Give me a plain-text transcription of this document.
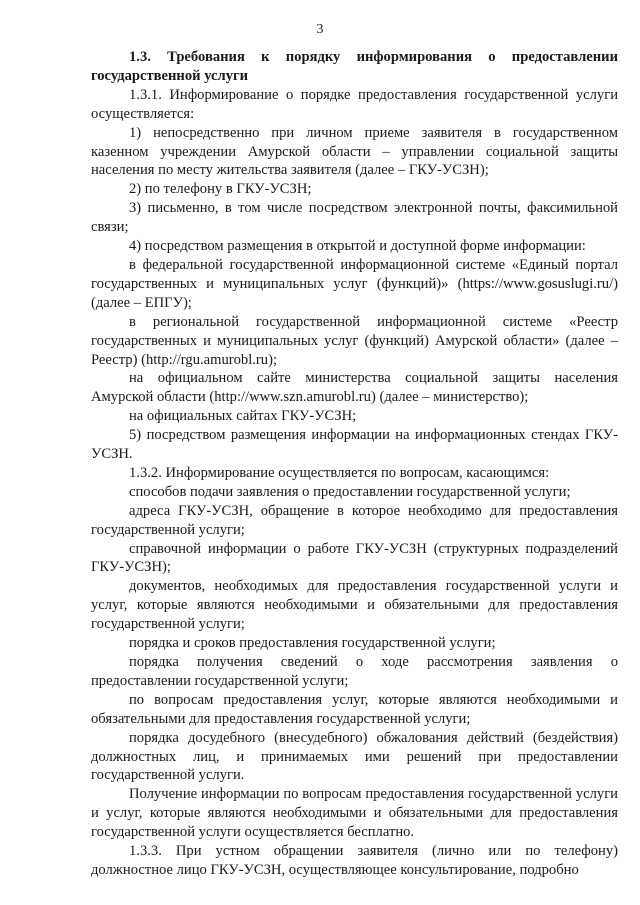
3

1.3. Требования к порядку информирования о предоставлении государственной услуги

1.3.1. Информирование о порядке предоставления государственной услуги осуществляется:

1) непосредственно при личном приеме заявителя в государственном казенном учреждении Амурской области – управлении социальной защиты населения по месту жительства заявителя (далее – ГКУ-УСЗН);

2) по телефону в ГКУ-УСЗН;

3) письменно, в том числе посредством электронной почты, факсимильной связи;

4) посредством размещения в открытой и доступной форме информации:

в федеральной государственной информационной системе «Единый портал государственных и муниципальных услуг (функций)» (https://www.gosuslugi.ru/) (далее – ЕПГУ);

в региональной государственной информационной системе «Реестр государственных и муниципальных услуг (функций) Амурской области» (далее – Реестр) (http://rgu.amurobl.ru);

на официальном сайте министерства социальной защиты населения Амурской области (http://www.szn.amurobl.ru) (далее – министерство);

на официальных сайтах ГКУ-УСЗН;

5) посредством размещения информации на информационных стендах ГКУ-УСЗН.

1.3.2. Информирование осуществляется по вопросам, касающимся:

способов подачи заявления о предоставлении государственной услуги;

адреса ГКУ-УСЗН, обращение в которое необходимо для предоставления государственной услуги;

справочной информации о работе ГКУ-УСЗН (структурных подразделений ГКУ-УСЗН);

документов, необходимых для предоставления государственной услуги и услуг, которые являются необходимыми и обязательными для предоставления государственной услуги;

порядка и сроков предоставления государственной услуги;

порядка получения сведений о ходе рассмотрения заявления о предоставлении государственной услуги;

по вопросам предоставления услуг, которые являются необходимыми и обязательными для предоставления государственной услуги;

порядка досудебного (внесудебного) обжалования действий (бездействия) должностных лиц, и принимаемых ими решений при предоставлении государственной услуги.

Получение информации по вопросам предоставления государственной услуги и услуг, которые являются необходимыми и обязательными для предоставления государственной услуги осуществляется бесплатно.

1.3.3. При устном обращении заявителя (лично или по телефону) должностное лицо ГКУ-УСЗН, осуществляющее консультирование, подробно
